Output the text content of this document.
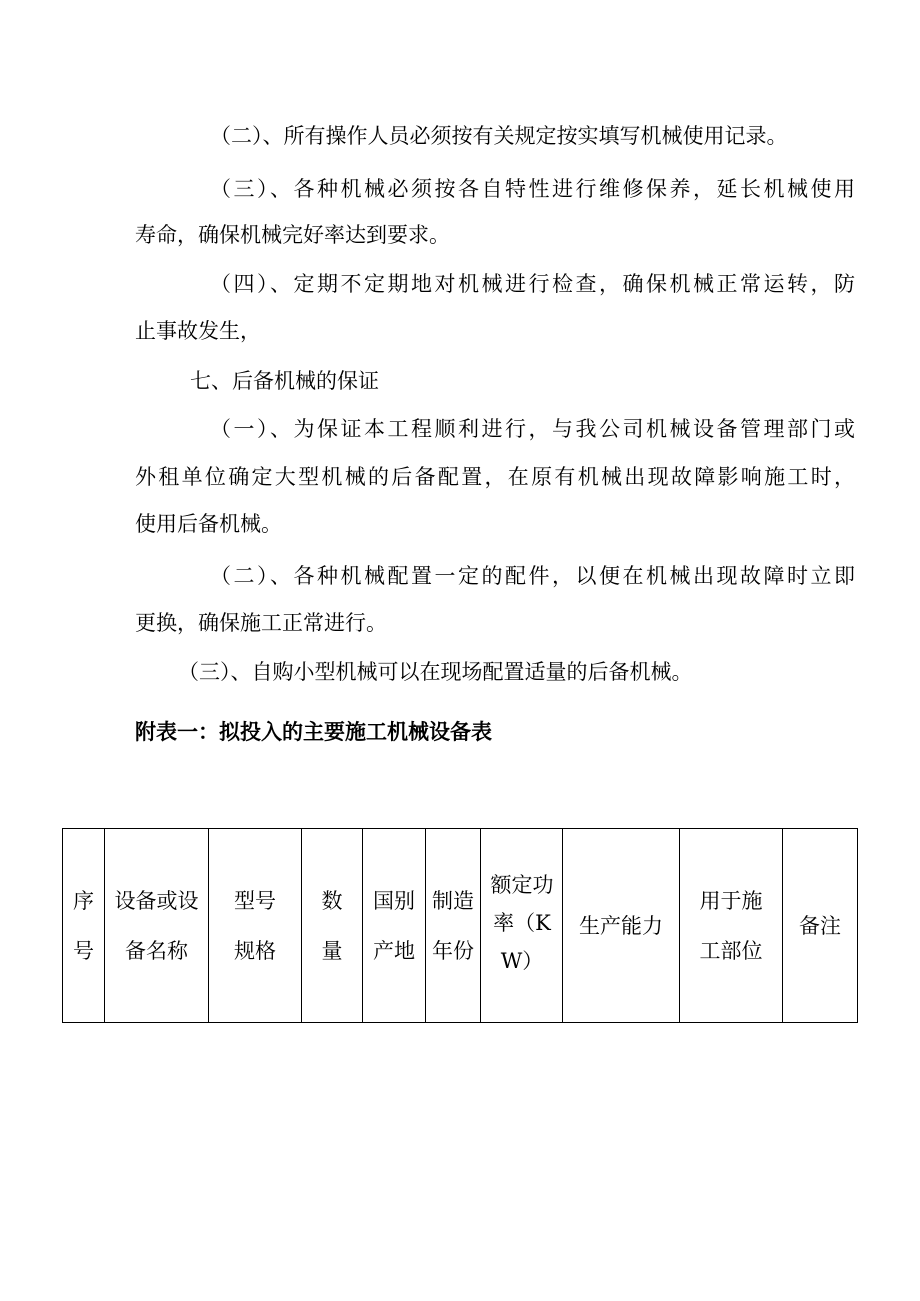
（二）、所有操作人员必须按有关规定按实填写机械使用记录。

（三）、各种机械必须按各自特性进行维修保养，延长机械使用

寿命，确保机械完好率达到要求。

（四）、定期不定期地对机械进行检查，确保机械正常运转，防

止事故发生，

七、后备机械的保证

（一）、为保证本工程顺利进行，与我公司机械设备管理部门或

外租单位确定大型机械的后备配置，在原有机械出现故障影响施工时，

使用后备机械。

（二）、各种机械配置一定的配件，以便在机械出现故障时立即

更换，确保施工正常进行。

（三）、自购小型机械可以在现场配置适量的后备机械。

附表一：拟投入的主要施工机械设备表

序号	设备或设备名称	型号规格	数量	国别产地	制造年份	额定功率（KW）	生产能力	用于施工部位	备注
